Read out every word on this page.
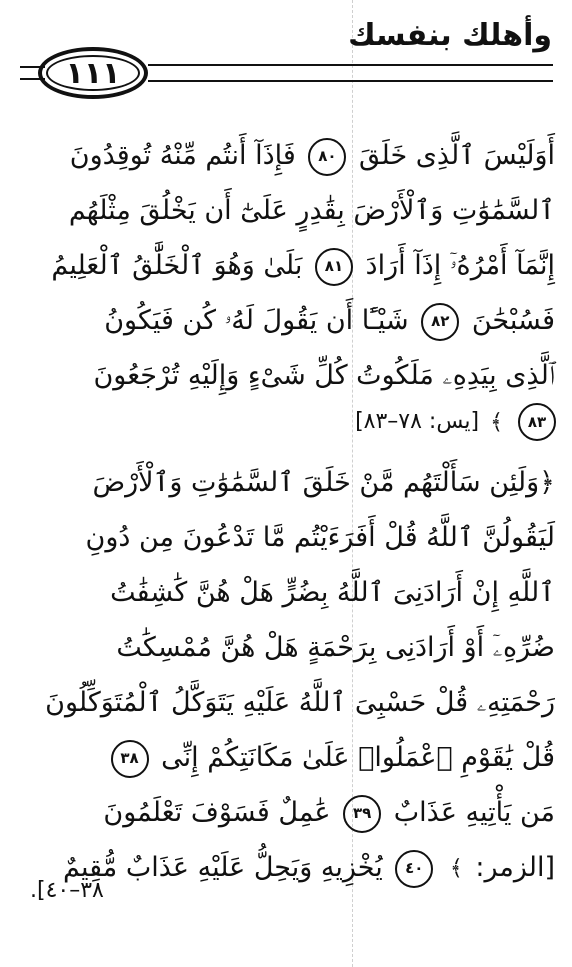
وأهلك بنفسك
١١١
أَوَلَيْسَ ٱلَّذِى خَلَقَ ٨٠ فَإِذَآ أَنتُم مِّنْهُ تُوقِدُونَ
ٱلسَّمَٰوَٰتِ وَٱلْأَرْضَ بِقَٰدِرٍ عَلَىٰٓ أَن يَخْلُقَ مِثْلَهُم
إِنَّمَآ أَمْرُهُۥٓ إِذَآ أَرَادَ ٨١ بَلَىٰ وَهُوَ ٱلْخَلَّٰقُ ٱلْعَلِيمُ
فَسُبْحَٰنَ ٨٢ شَيْـًٔا أَن يَقُولَ لَهُۥ كُن فَيَكُونُ
ٱلَّذِى بِيَدِهِۦ مَلَكُوتُ كُلِّ شَىْءٍ وَإِلَيْهِ تُرْجَعُونَ
٨٣ ﴾ [يس: ٧٨–٨٣]
﴿وَلَئِن سَأَلْتَهُم مَّنْ خَلَقَ ٱلسَّمَٰوَٰتِ وَٱلْأَرْضَ
لَيَقُولُنَّ ٱللَّهُ قُلْ أَفَرَءَيْتُم مَّا تَدْعُونَ مِن دُونِ
ٱللَّهِ إِنْ أَرَادَنِىَ ٱللَّهُ بِضُرٍّ هَلْ هُنَّ كَٰشِفَٰتُ
ضُرِّهِۦٓ أَوْ أَرَادَنِى بِرَحْمَةٍ هَلْ هُنَّ مُمْسِكَٰتُ
رَحْمَتِهِۦ قُلْ حَسْبِىَ ٱللَّهُ عَلَيْهِ يَتَوَكَّلُ ٱلْمُتَوَكِّلُونَ
قُلْ يَٰقَوْمِ ٱعْمَلُوا۟ عَلَىٰ مَكَانَتِكُمْ إِنِّى ٣٨
مَن يَأْتِيهِ عَذَابٌ ٣٩ عَٰمِلٌ فَسَوْفَ تَعْلَمُونَ
[الزمر: ﴾ ٤٠ يُخْزِيهِ وَيَحِلُّ عَلَيْهِ عَذَابٌ مُّقِيمٌ
٣٨–٤٠].
